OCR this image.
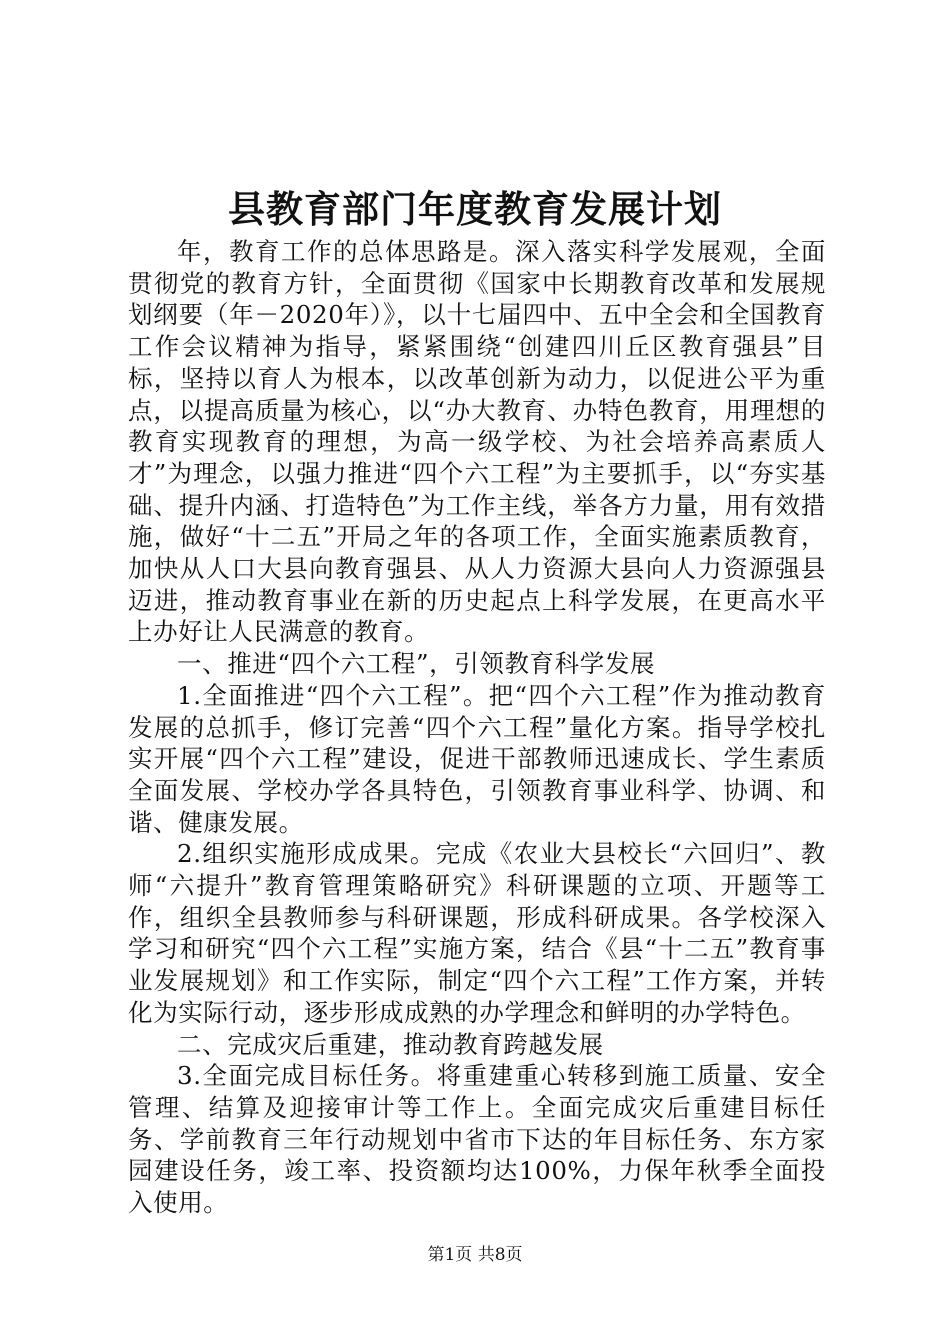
县教育部门年度教育发展计划

年，教育工作的总体思路是。深入落实科学发展观，全面贯彻党的教育方针，全面贯彻《国家中长期教育改革和发展规划纲要（年－2020年）》，以十七届四中、五中全会和全国教育工作会议精神为指导，紧紧围绕“创建四川丘区教育强县”目标，坚持以育人为根本，以改革创新为动力，以促进公平为重点，以提高质量为核心，以“办大教育、办特色教育，用理想的教育实现教育的理想，为高一级学校、为社会培养高素质人才”为理念，以强力推进“四个六工程”为主要抓手，以“夯实基础、提升内涵、打造特色”为工作主线，举各方力量，用有效措施，做好“十二五”开局之年的各项工作，全面实施素质教育，加快从人口大县向教育强县、从人力资源大县向人力资源强县迈进，推动教育事业在新的历史起点上科学发展，在更高水平上办好让人民满意的教育。

一、推进“四个六工程”，引领教育科学发展

1.全面推进“四个六工程”。把“四个六工程”作为推动教育发展的总抓手，修订完善“四个六工程”量化方案。指导学校扎实开展“四个六工程”建设，促进干部教师迅速成长、学生素质全面发展、学校办学各具特色，引领教育事业科学、协调、和谐、健康发展。

2.组织实施形成成果。完成《农业大县校长“六回归”、教师“六提升”教育管理策略研究》科研课题的立项、开题等工作，组织全县教师参与科研课题，形成科研成果。各学校深入学习和研究“四个六工程”实施方案，结合《县“十二五”教育事业发展规划》和工作实际，制定“四个六工程”工作方案，并转化为实际行动，逐步形成成熟的办学理念和鲜明的办学特色。

二、完成灾后重建，推动教育跨越发展

3.全面完成目标任务。将重建重心转移到施工质量、安全管理、结算及迎接审计等工作上。全面完成灾后重建目标任务、学前教育三年行动规划中省市下达的年目标任务、东方家园建设任务，竣工率、投资额均达100%，力保年秋季全面投入使用。

第1页 共8页
